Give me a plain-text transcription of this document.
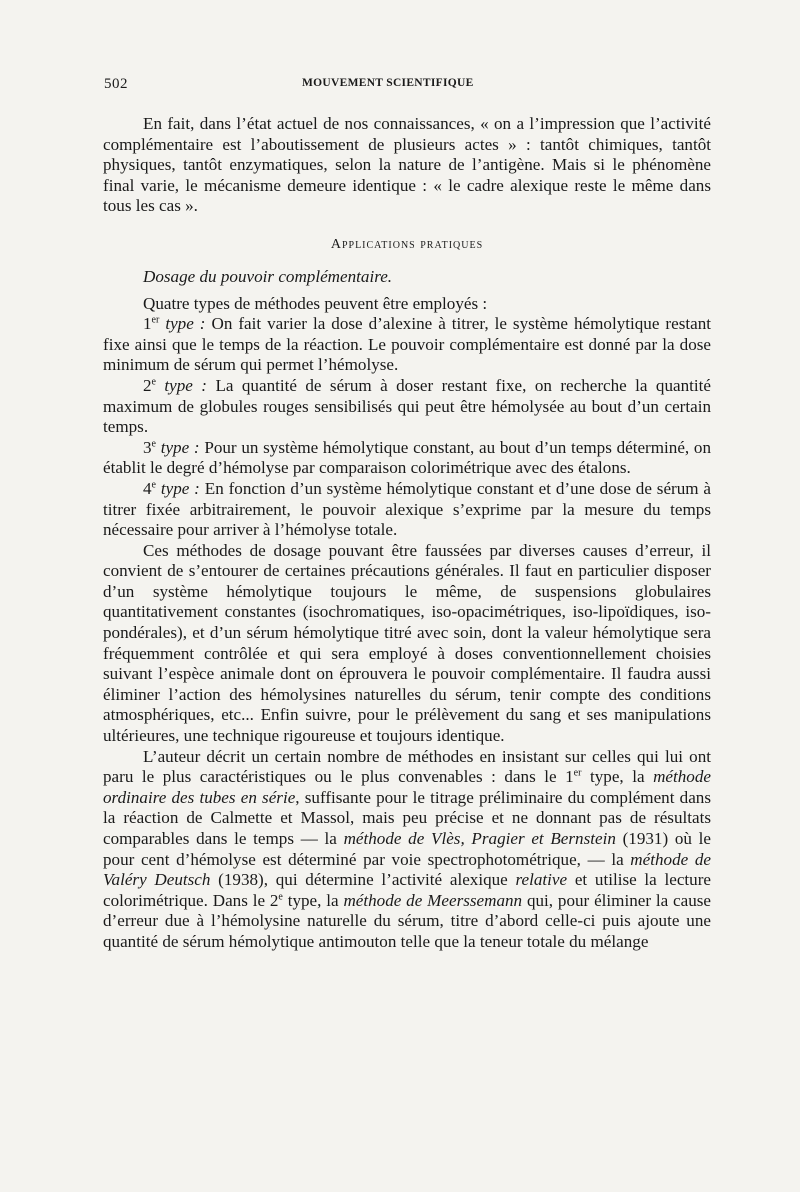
502	MOUVEMENT SCIENTIFIQUE

En fait, dans l’état actuel de nos connaissances, « on a l’impression que l’activité complémentaire est l’aboutissement de plusieurs actes » : tantôt chimiques, tantôt physiques, tantôt enzymatiques, selon la nature de l’antigène. Mais si le phénomène final varie, le mécanisme demeure identique : « le cadre alexique reste le même dans tous les cas ».

Applications pratiques

Dosage du pouvoir complémentaire.

Quatre types de méthodes peuvent être employés :

1er type : On fait varier la dose d’alexine à titrer, le système hémolytique restant fixe ainsi que le temps de la réaction. Le pouvoir complémentaire est donné par la dose minimum de sérum qui permet l’hémolyse.

2e type : La quantité de sérum à doser restant fixe, on recherche la quantité maximum de globules rouges sensibilisés qui peut être hémolysée au bout d’un certain temps.

3e type : Pour un système hémolytique constant, au bout d’un temps déterminé, on établit le degré d’hémolyse par comparaison colorimétrique avec des étalons.

4e type : En fonction d’un système hémolytique constant et d’une dose de sérum à titrer fixée arbitrairement, le pouvoir alexique s’exprime par la mesure du temps nécessaire pour arriver à l’hémolyse totale.

Ces méthodes de dosage pouvant être faussées par diverses causes d’erreur, il convient de s’entourer de certaines précautions générales. Il faut en particulier disposer d’un système hémolytique toujours le même, de suspensions globulaires quantitativement constantes (isochromatiques, iso-opacimétriques, iso-lipoïdiques, iso-pondérales), et d’un sérum hémolytique titré avec soin, dont la valeur hémolytique sera fréquemment contrôlée et qui sera employé à doses conventionnellement choisies suivant l’espèce animale dont on éprouvera le pouvoir complémentaire. Il faudra aussi éliminer l’action des hémolysines naturelles du sérum, tenir compte des conditions atmosphériques, etc... Enfin suivre, pour le prélèvement du sang et ses manipulations ultérieures, une technique rigoureuse et toujours identique.

L’auteur décrit un certain nombre de méthodes en insistant sur celles qui lui ont paru le plus caractéristiques ou le plus convenables : dans le 1er type, la méthode ordinaire des tubes en série, suffisante pour le titrage préliminaire du complément dans la réaction de Calmette et Massol, mais peu précise et ne donnant pas de résultats comparables dans le temps — la méthode de Vlès, Pragier et Bernstein (1931) où le pour cent d’hémolyse est déterminé par voie spectrophotométrique, — la méthode de Valéry Deutsch (1938), qui détermine l’activité alexique relative et utilise la lecture colorimétrique. Dans le 2e type, la méthode de Meerssemann qui, pour éliminer la cause d’erreur due à l’hémolysine naturelle du sérum, titre d’abord celle-ci puis ajoute une quantité de sérum hémolytique antimouton telle que la teneur totale du mélange
